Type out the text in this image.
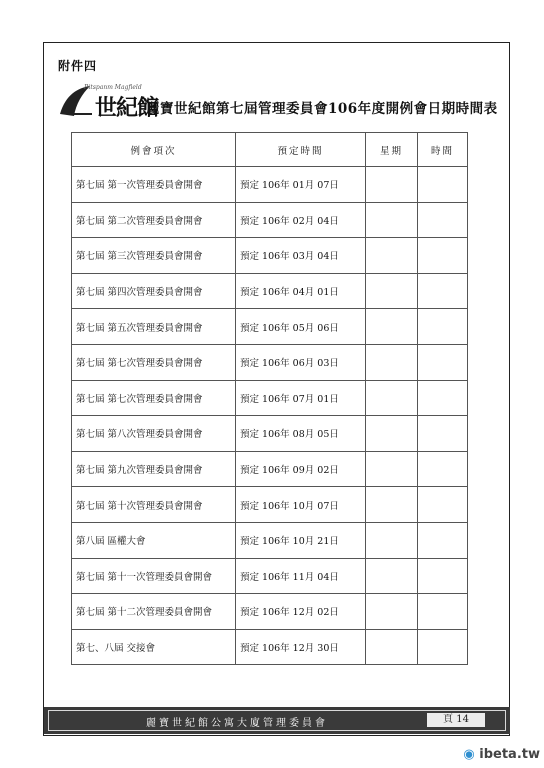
附件四
Ritspanm Magfield
世紀館
麗寶世紀館第七屆管理委員會106年度開例會日期時間表
例會項次	預定時間	星期	時間
第七屆 第一次管理委員會開會	預定 106年 01月 07日		
第七屆 第二次管理委員會開會	預定 106年 02月 04日		
第七屆 第三次管理委員會開會	預定 106年 03月 04日		
第七屆 第四次管理委員會開會	預定 106年 04月 01日		
第七屆 第五次管理委員會開會	預定 106年 05月 06日		
第七屆 第七次管理委員會開會	預定 106年 06月 03日		
第七屆 第七次管理委員會開會	預定 106年 07月 01日		
第七屆 第八次管理委員會開會	預定 106年 08月 05日		
第七屆 第九次管理委員會開會	預定 106年 09月 02日		
第七屆 第十次管理委員會開會	預定 106年 10月 07日		
第八屆 區權大會	預定 106年 10月 21日		
第七屆 第十一次管理委員會開會	預定 106年 11月 04日		
第七屆 第十二次管理委員會開會	預定 106年 12月 02日		
第七、八屆 交接會	預定 106年 12月 30日		
麗寶世紀館公寓大廈管理委員會	頁 14
◉ ibeta.tw
